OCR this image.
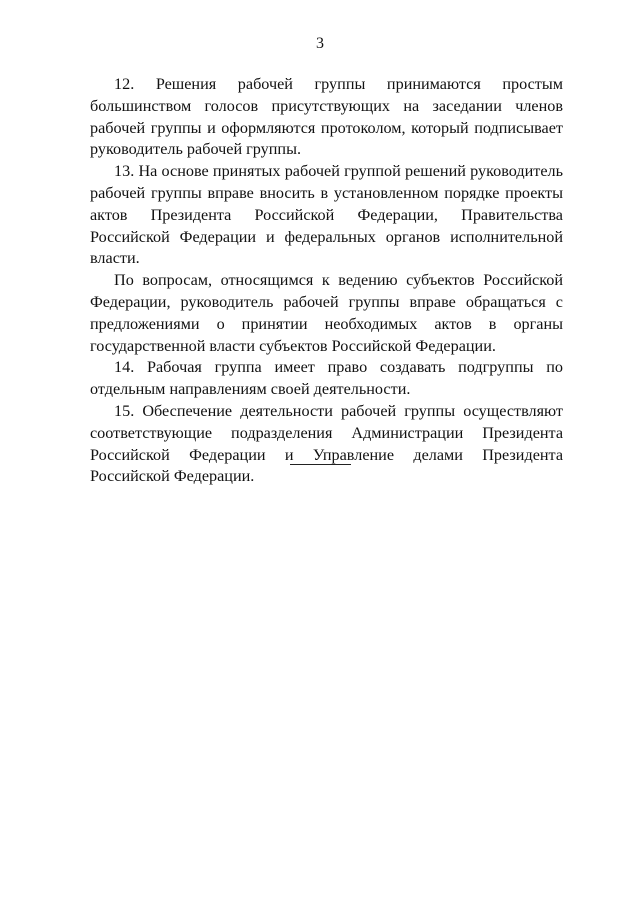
3

12. Решения рабочей группы принимаются простым большинством голосов присутствующих на заседании членов рабочей группы и оформляются протоколом, который подписывает руководитель рабочей группы.

13. На основе принятых рабочей группой решений руководитель рабочей группы вправе вносить в установленном порядке проекты актов Президента Российской Федерации, Правительства Российской Федерации и федеральных органов исполнительной власти.

По вопросам, относящимся к ведению субъектов Российской Федерации, руководитель рабочей группы вправе обращаться с предложениями о принятии необходимых актов в органы государственной власти субъектов Российской Федерации.

14. Рабочая группа имеет право создавать подгруппы по отдельным направлениям своей деятельности.

15. Обеспечение деятельности рабочей группы осуществляют соответствующие подразделения Администрации Президента Российской Федерации и Управление делами Президента Российской Федерации.
